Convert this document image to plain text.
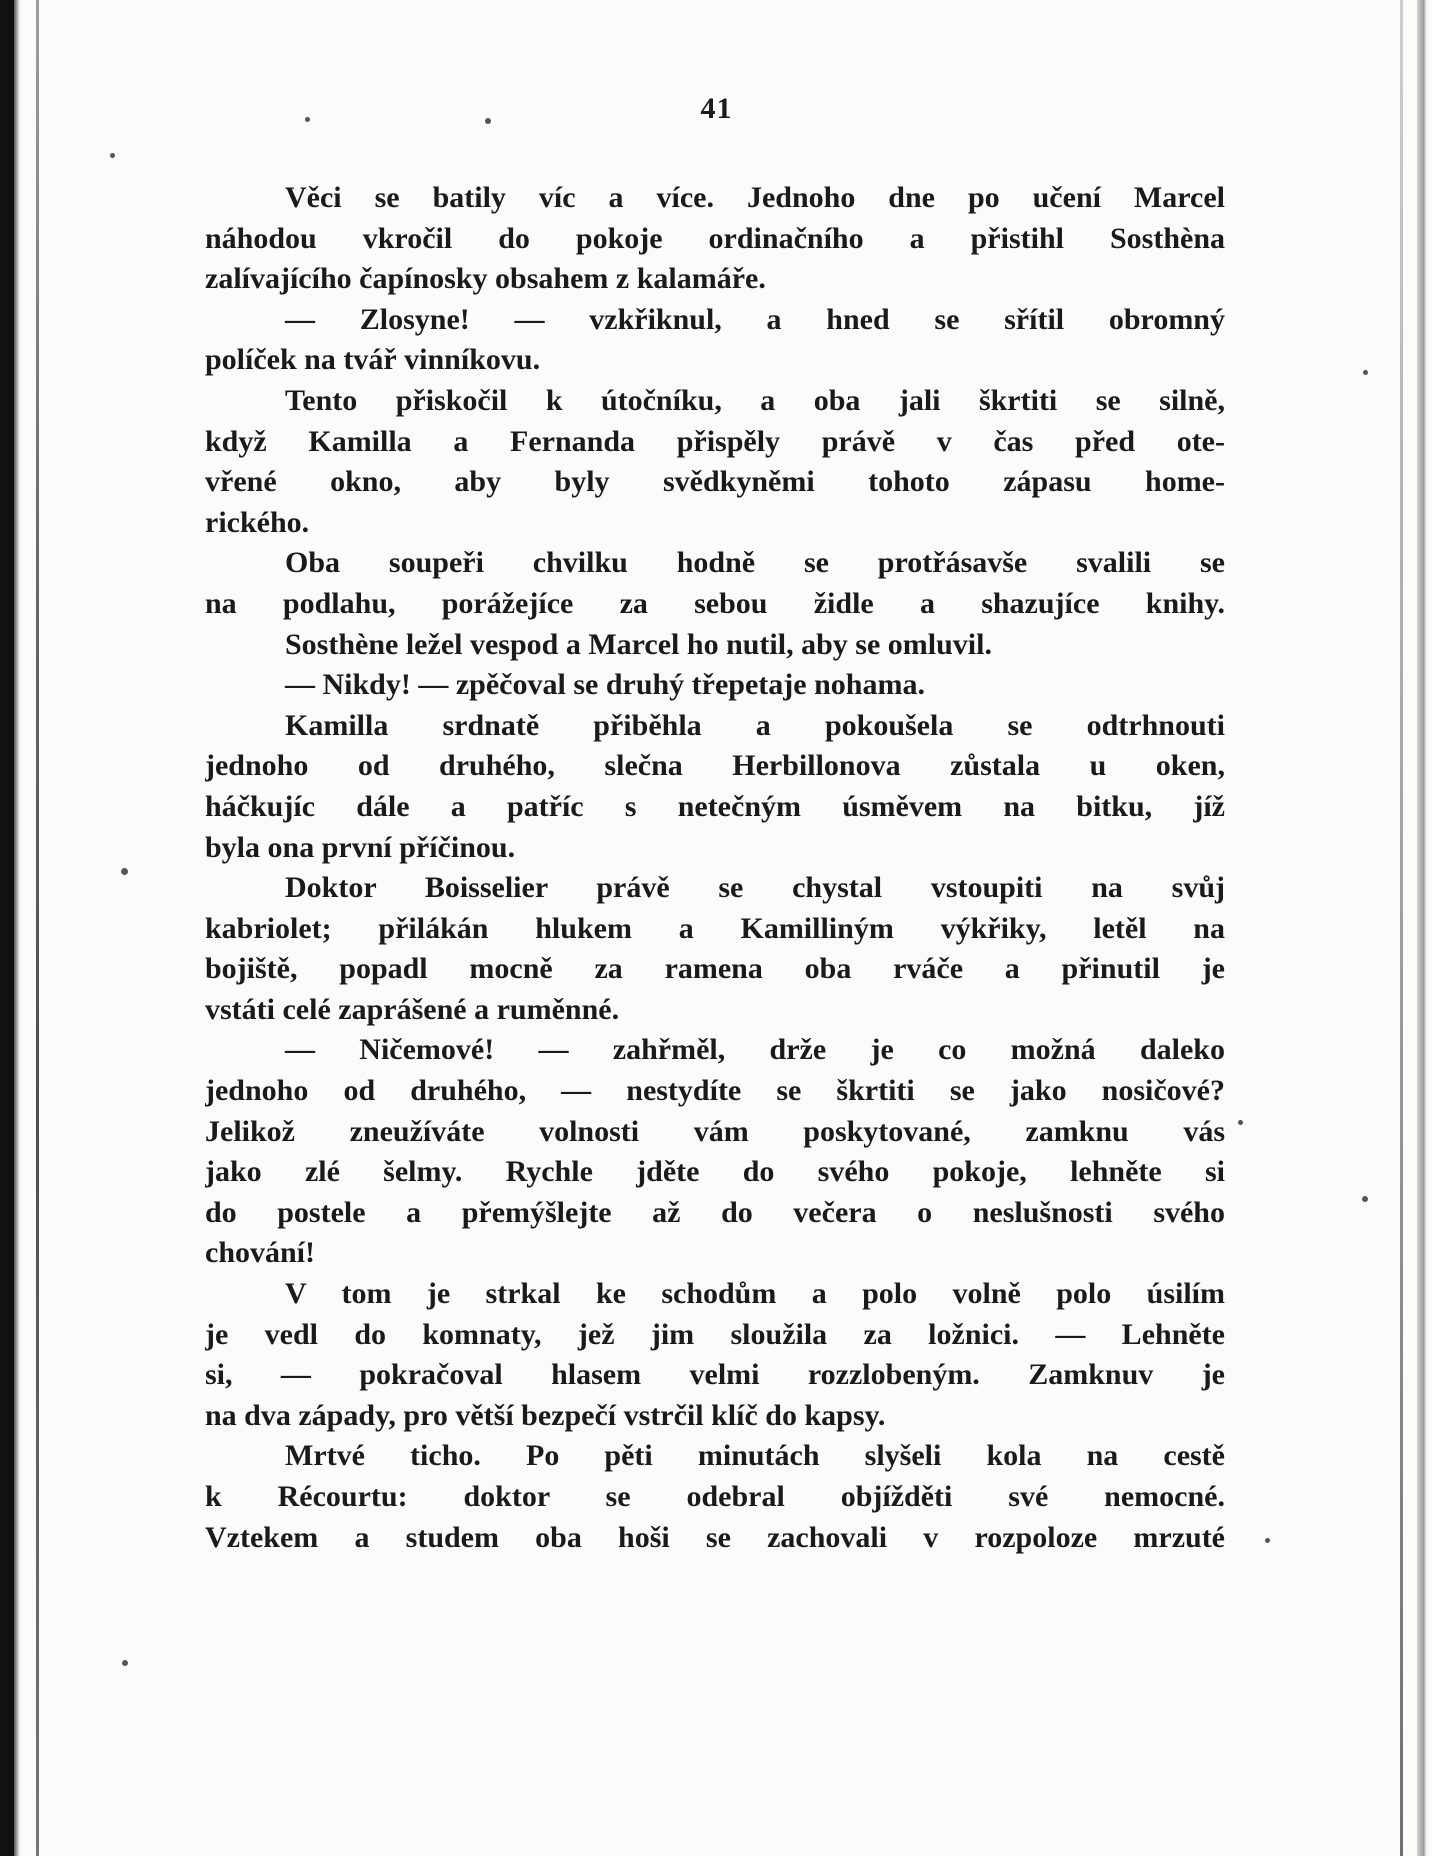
41
Věci se batily víc a více. Jednoho dne po učení Marcel
náhodou vkročil do pokoje ordinačního a přistihl Sosthèna
zalívajícího čapínosky obsahem z kalamáře.
— Zlosyne! — vzkřiknul, a hned se sřítil obromný
políček na tvář vinníkovu.
Tento přiskočil k útočníku, a oba jali škrtiti se silně,
když Kamilla a Fernanda přispěly právě v čas před ote-
vřené okno, aby byly svědkyněmi tohoto zápasu home-
rického.
Oba soupeři chvilku hodně se protřásavše svalili se
na podlahu, porážejíce za sebou židle a shazujíce knihy.
Sosthène ležel vespod a Marcel ho nutil, aby se omluvil.
— Nikdy! — zpěčoval se druhý třepetaje nohama.
Kamilla srdnatě přiběhla a pokoušela se odtrhnouti
jednoho od druhého, slečna Herbillonova zůstala u oken,
háčkujíc dále a patříc s netečným úsměvem na bitku, jíž
byla ona první příčinou.
Doktor Boisselier právě se chystal vstoupiti na svůj
kabriolet; přilákán hlukem a Kamilliným výkřiky, letěl na
bojiště, popadl mocně za ramena oba rváče a přinutil je
vstáti celé zaprášené a ruměnné.
— Ničemové! — zahřměl, drže je co možná daleko
jednoho od druhého, — nestydíte se škrtiti se jako nosičové?
Jelikož zneužíváte volnosti vám poskytované, zamknu vás
jako zlé šelmy. Rychle jděte do svého pokoje, lehněte si
do postele a přemýšlejte až do večera o neslušnosti svého
chování!
V tom je strkal ke schodům a polo volně polo úsilím
je vedl do komnaty, jež jim sloužila za ložnici. — Lehněte
si, — pokračoval hlasem velmi rozzlobeným. Zamknuv je
na dva západy, pro větší bezpečí vstrčil klíč do kapsy.
Mrtvé ticho. Po pěti minutách slyšeli kola na cestě
k Récourtu: doktor se odebral objížděti své nemocné.
Vztekem a studem oba hoši se zachovali v rozpoloze mrzuté
